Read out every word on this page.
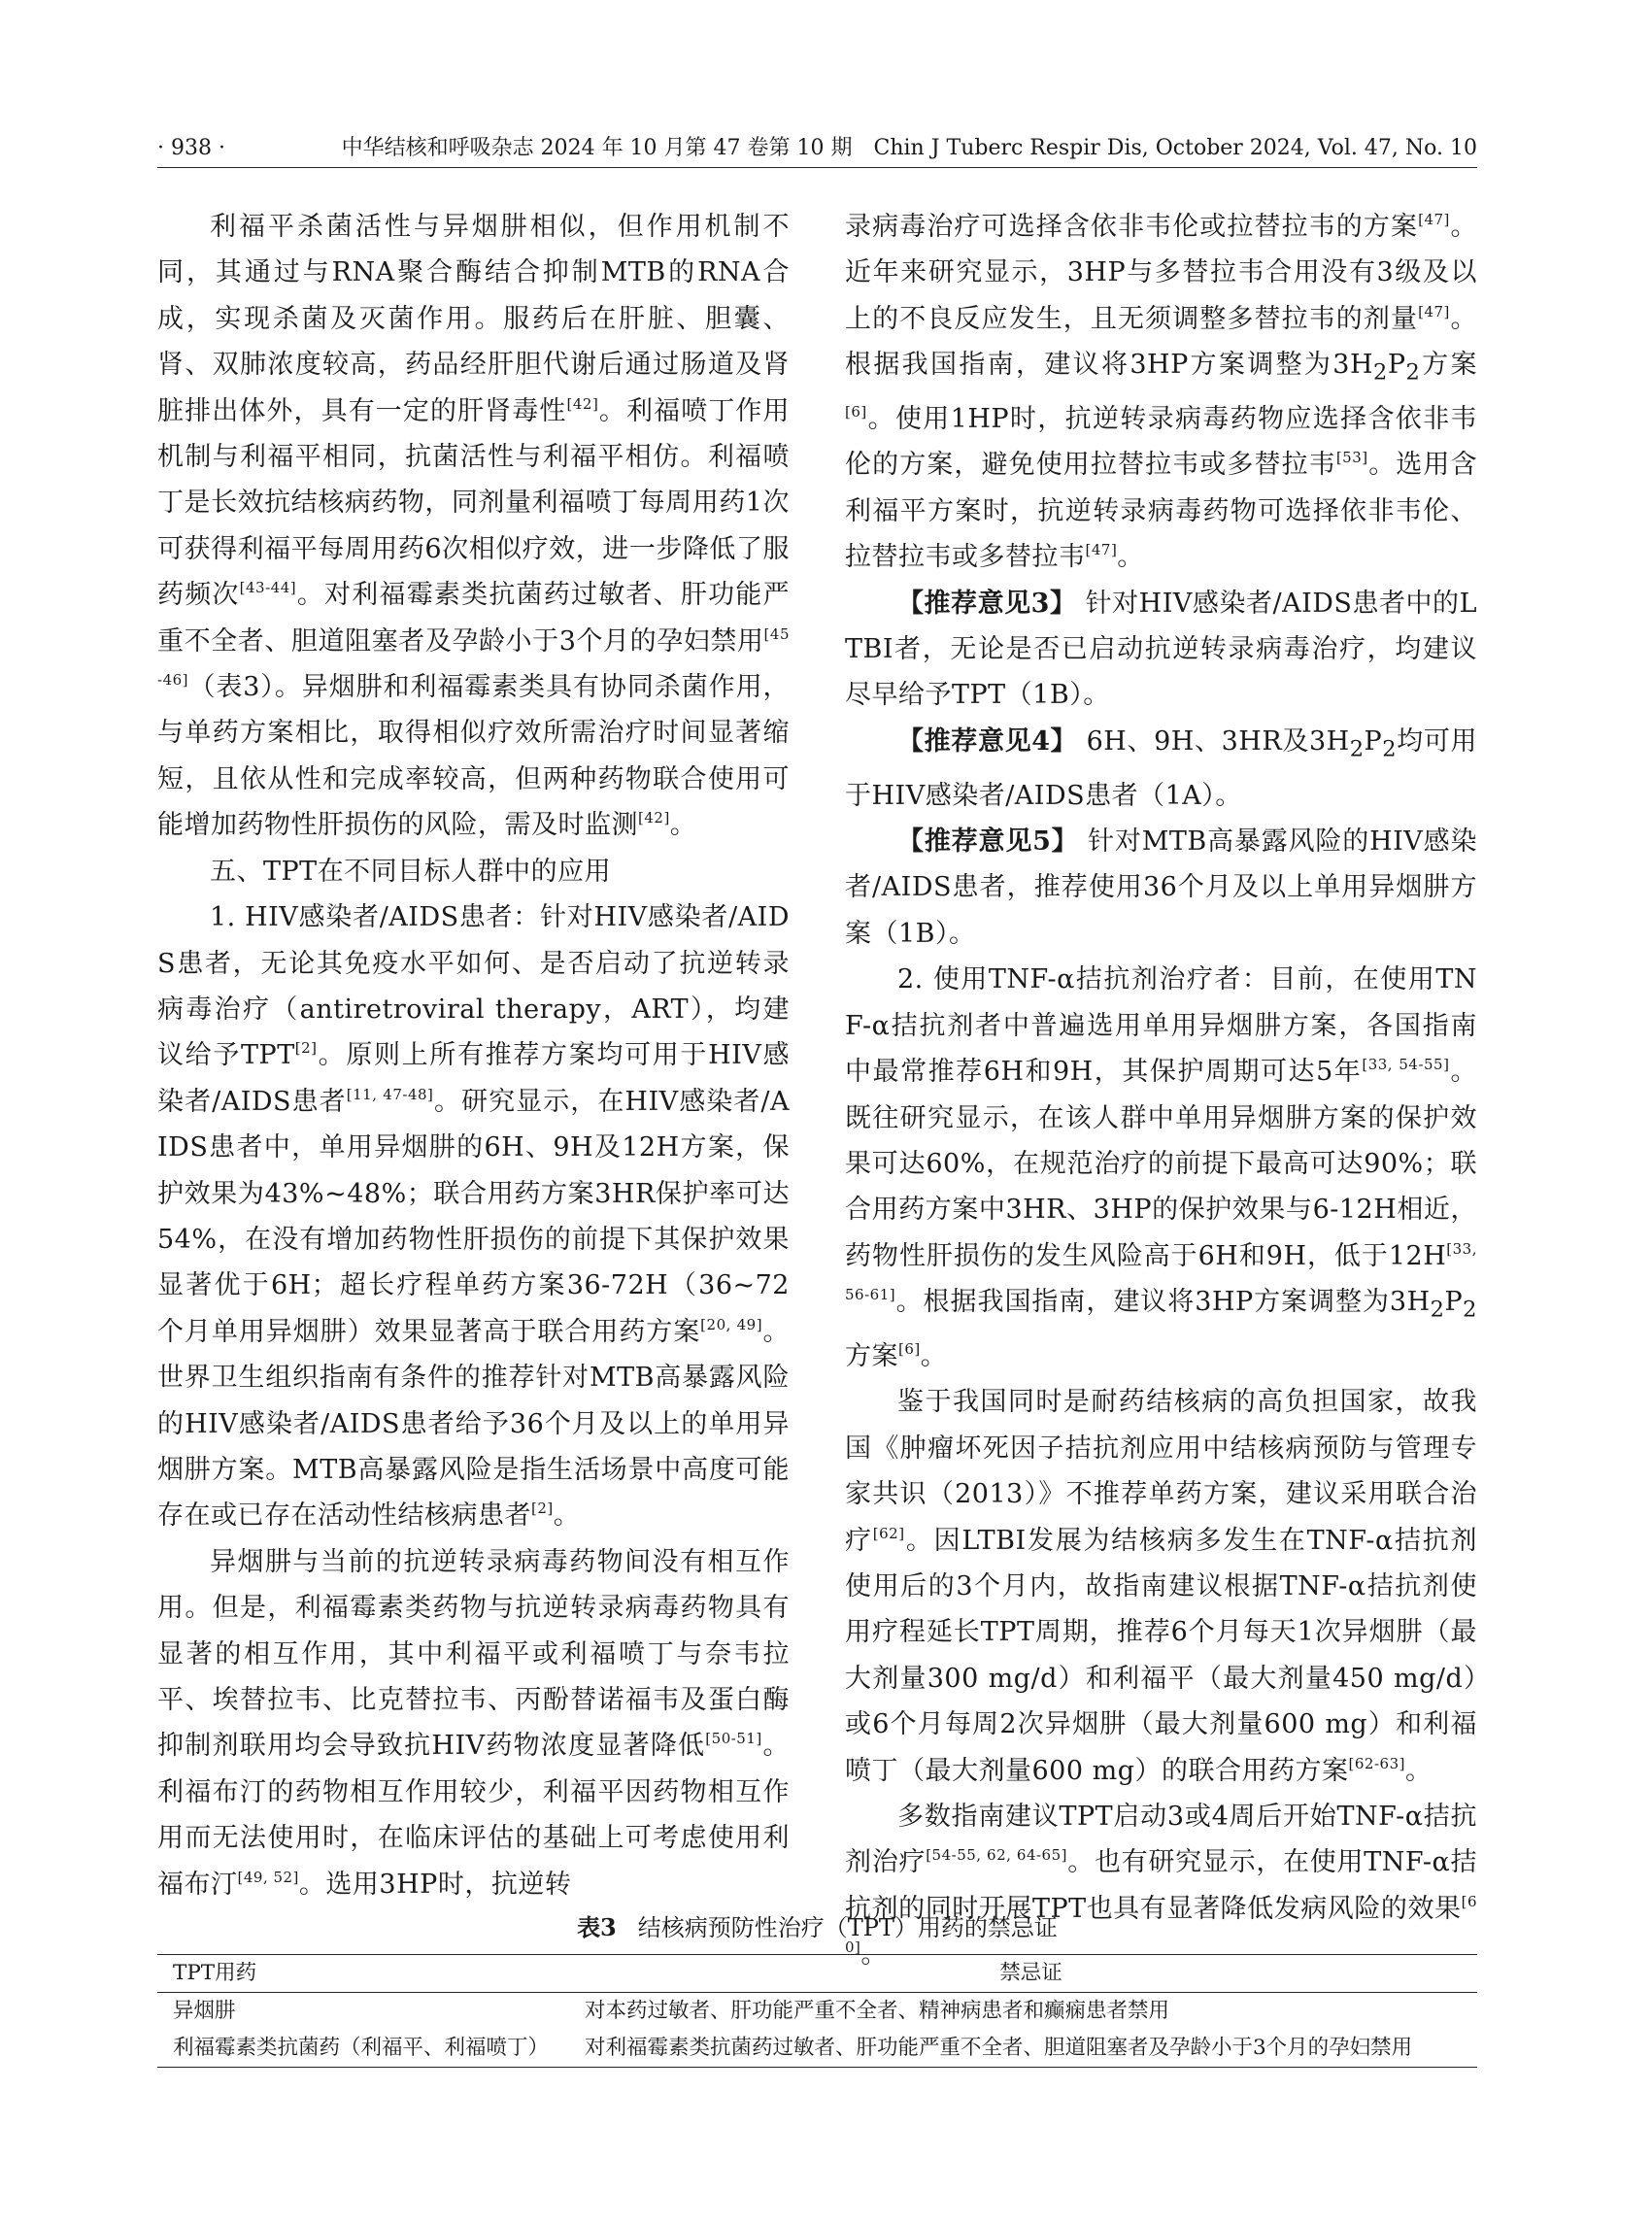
· 938 ·	中华结核和呼吸杂志 2024 年 10 月第 47 卷第 10 期　Chin J Tuberc Respir Dis, October 2024, Vol. 47, No. 10

利福平杀菌活性与异烟肼相似，但作用机制不同，其通过与RNA聚合酶结合抑制MTB的RNA合成，实现杀菌及灭菌作用。服药后在肝脏、胆囊、肾、双肺浓度较高，药品经肝胆代谢后通过肠道及肾脏排出体外，具有一定的肝肾毒性[42]。利福喷丁作用机制与利福平相同，抗菌活性与利福平相仿。利福喷丁是长效抗结核病药物，同剂量利福喷丁每周用药1次可获得利福平每周用药6次相似疗效，进一步降低了服药频次[43-44]。对利福霉素类抗菌药过敏者、肝功能严重不全者、胆道阻塞者及孕龄小于3个月的孕妇禁用[45-46]（表3）。异烟肼和利福霉素类具有协同杀菌作用，与单药方案相比，取得相似疗效所需治疗时间显著缩短，且依从性和完成率较高，但两种药物联合使用可能增加药物性肝损伤的风险，需及时监测[42]。

五、TPT在不同目标人群中的应用

1. HIV感染者/AIDS患者：针对HIV感染者/AIDS患者，无论其免疫水平如何、是否启动了抗逆转录病毒治疗（antiretroviral therapy，ART），均建议给予TPT[2]。原则上所有推荐方案均可用于HIV感染者/AIDS患者[11, 47-48]。研究显示，在HIV感染者/AIDS患者中，单用异烟肼的6H、9H及12H方案，保护效果为43%~48%；联合用药方案3HR保护率可达54%，在没有增加药物性肝损伤的前提下其保护效果显著优于6H；超长疗程单药方案36-72H（36~72个月单用异烟肼）效果显著高于联合用药方案[20, 49]。世界卫生组织指南有条件的推荐针对MTB高暴露风险的HIV感染者/AIDS患者给予36个月及以上的单用异烟肼方案。MTB高暴露风险是指生活场景中高度可能存在或已存在活动性结核病患者[2]。

异烟肼与当前的抗逆转录病毒药物间没有相互作用。但是，利福霉素类药物与抗逆转录病毒药物具有显著的相互作用，其中利福平或利福喷丁与奈韦拉平、埃替拉韦、比克替拉韦、丙酚替诺福韦及蛋白酶抑制剂联用均会导致抗HIV药物浓度显著降低[50-51]。利福布汀的药物相互作用较少，利福平因药物相互作用而无法使用时，在临床评估的基础上可考虑使用利福布汀[49, 52]。选用3HP时，抗逆转

录病毒治疗可选择含依非韦伦或拉替拉韦的方案[47]。近年来研究显示，3HP与多替拉韦合用没有3级及以上的不良反应发生，且无须调整多替拉韦的剂量[47]。根据我国指南，建议将3HP方案调整为$3H_2P_2$方案[6]。使用1HP时，抗逆转录病毒药物应选择含依非韦伦的方案，避免使用拉替拉韦或多替拉韦[53]。选用含利福平方案时，抗逆转录病毒药物可选择依非韦伦、拉替拉韦或多替拉韦[47]。

【推荐意见3】 针对HIV感染者/AIDS患者中的LTBI者，无论是否已启动抗逆转录病毒治疗，均建议尽早给予TPT（1B）。

【推荐意见4】 6H、9H、3HR及$3H_2P_2$均可用于HIV感染者/AIDS患者（1A）。

【推荐意见5】 针对MTB高暴露风险的HIV感染者/AIDS患者，推荐使用36个月及以上单用异烟肼方案（1B）。

2. 使用TNF-α拮抗剂治疗者：目前，在使用TNF-α拮抗剂者中普遍选用单用异烟肼方案，各国指南中最常推荐6H和9H，其保护周期可达5年[33, 54-55]。既往研究显示，在该人群中单用异烟肼方案的保护效果可达60%，在规范治疗的前提下最高可达90%；联合用药方案中3HR、3HP的保护效果与6-12H相近，药物性肝损伤的发生风险高于6H和9H，低于12H[33, 56-61]。根据我国指南，建议将3HP方案调整为$3H_2P_2$方案[6]。

鉴于我国同时是耐药结核病的高负担国家，故我国《肿瘤坏死因子拮抗剂应用中结核病预防与管理专家共识（2013）》不推荐单药方案，建议采用联合治疗[62]。因LTBI发展为结核病多发生在TNF-α拮抗剂使用后的3个月内，故指南建议根据TNF-α拮抗剂使用疗程延长TPT周期，推荐6个月每天1次异烟肼（最大剂量300 mg/d）和利福平（最大剂量450 mg/d）或6个月每周2次异烟肼（最大剂量600 mg）和利福喷丁（最大剂量600 mg）的联合用药方案[62-63]。

多数指南建议TPT启动3或4周后开始TNF-α拮抗剂治疗[54-55, 62, 64-65]。也有研究显示，在使用TNF-α拮抗剂的同时开展TPT也具有显著降低发病风险的效果[60]。

表3 结核病预防性治疗（TPT）用药的禁忌证
TPT用药	禁忌证
异烟肼	对本药过敏者、肝功能严重不全者、精神病患者和癫痫患者禁用
利福霉素类抗菌药（利福平、利福喷丁） 对利福霉素类抗菌药过敏者、肝功能严重不全者、胆道阻塞者及孕龄小于3个月的孕妇禁用
